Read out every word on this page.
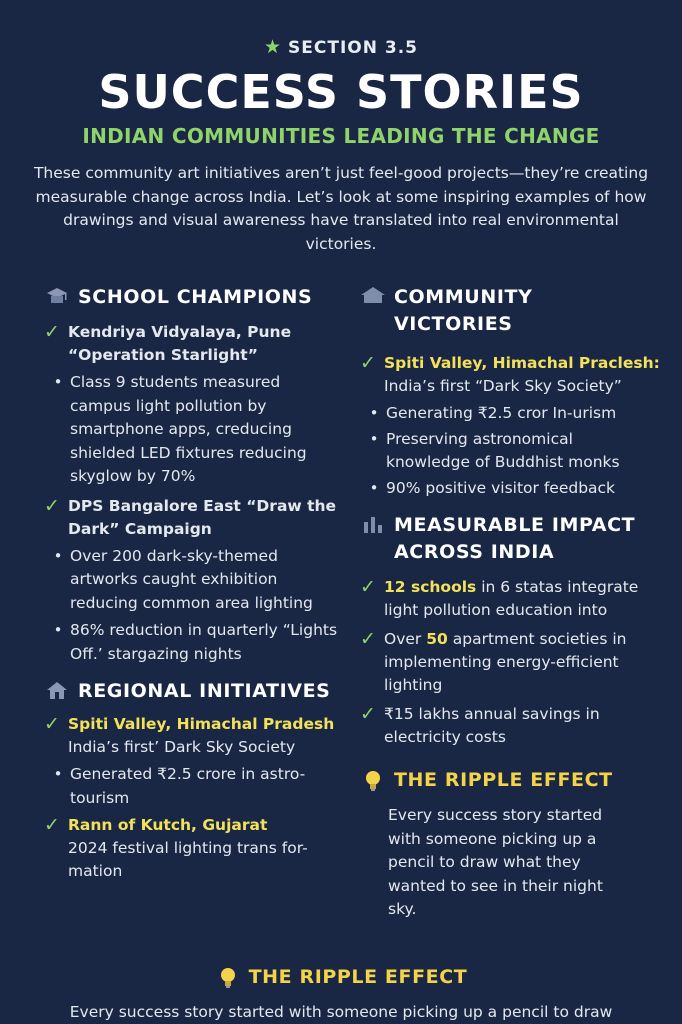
★ SECTION 3.5
SUCCESS STORIES
INDIAN COMMUNITIES LEADING THE CHANGE
These community art initiatives aren’t just feel-good projects—they’re creating measurable change across India. Let’s look at some inspiring examples of how drawings and visual awareness have translated into real environmental victories.
SCHOOL CHAMPIONS
✓ Kendriya Vidyalaya, Pune “Operation Starlight”
• Class 9 students measured campus light pollution by smartphone apps, creducing shielded LED fixtures reducing skyglow by 70%
✓ DPS Bangalore East “Draw the Dark” Campaign
• Over 200 dark-sky-themed artworks caught exhibition reducing common area lighting
• 86% reduction in quarterly “Lights Off.’ stargazing nights
REGIONAL INITIATIVES
✓ Spiti Valley, Himachal Pradesh
India’s first’ Dark Sky Society
• Generated ₹2.5 crore in astro-tourism
✓ Rann of Kutch, Gujarat
2024 festival lighting trans for-mation
COMMUNITY VICTORIES
✓ Spiti Valley, Himachal Praclesh: India’s first “Dark Sky Society”
• Generating ₹2.5 cror In-urism
• Preserving astronomical knowledge of Buddhist monks
• 90% positive visitor feedback
MEASURABLE IMPACT ACROSS INDIA
✓ 12 schools in 6 statas integrate light pollution education into
✓ Over 50 apartment societies in implementing energy-efficient lighting
✓ ₹15 lakhs annual savings in electricity costs
THE RIPPLE EFFECT
Every success story started with someone picking up a pencil to draw what they wanted to see in their night sky.
THE RIPPLE EFFECT
Every success story started with someone picking up a pencil to draw
